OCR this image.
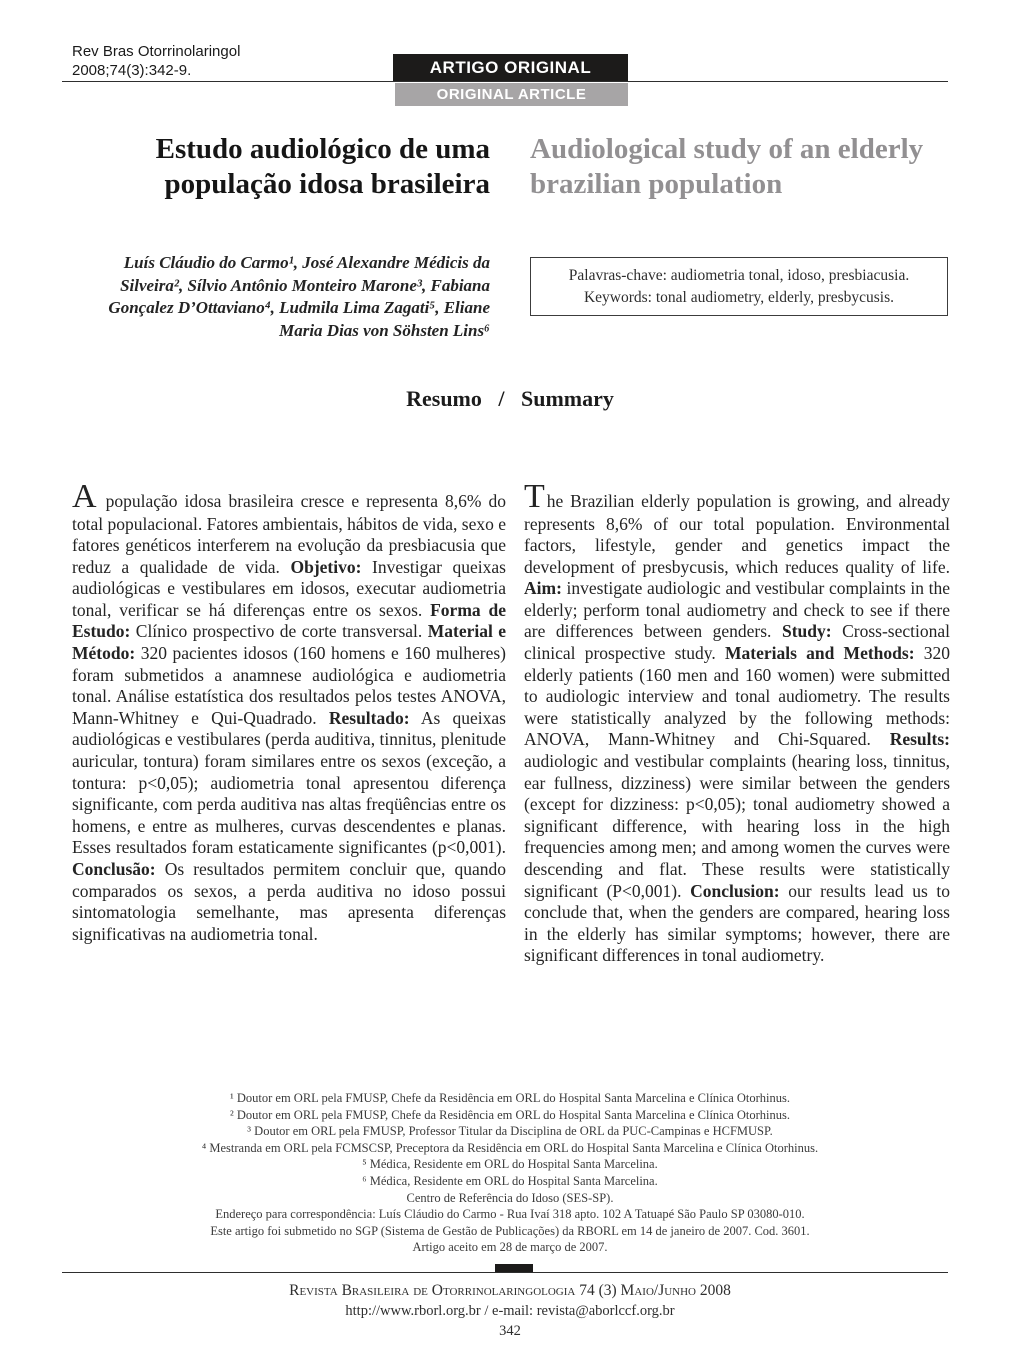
Rev Bras Otorrinolaringol
2008;74(3):342-9.	ARTIGO ORIGINAL
ORIGINAL ARTICLE
Estudo audiológico de uma população idosa brasileira
Audiological study of an elderly brazilian population
Luís Cláudio do Carmo¹, José Alexandre Médicis da Silveira², Sílvio Antônio Monteiro Marone³, Fabiana Gonçalez D’Ottaviano⁴, Ludmila Lima Zagati⁵, Eliane Maria Dias von Söhsten Lins⁶
Palavras-chave: audiometria tonal, idoso, presbiacusia.
Keywords: tonal audiometry, elderly, presbycusis.
Resumo / Summary

A população idosa brasileira cresce e representa 8,6% do total populacional. Fatores ambientais, hábitos de vida, sexo e fatores genéticos interferem na evolução da presbiacusia que reduz a qualidade de vida. Objetivo: Investigar queixas audiológicas e vestibulares em idosos, executar audiometria tonal, verificar se há diferenças entre os sexos. Forma de Estudo: Clínico prospectivo de corte transversal. Material e Método: 320 pacientes idosos (160 homens e 160 mulheres) foram submetidos a anamnese audiológica e audiometria tonal. Análise estatística dos resultados pelos testes ANOVA, Mann-Whitney e Qui-Quadrado. Resultado: As queixas audiológicas e vestibulares (perda auditiva, tinnitus, plenitude auricular, tontura) foram similares entre os sexos (exceção, a tontura: p<0,05); audiometria tonal apresentou diferença significante, com perda auditiva nas altas freqüências entre os homens, e entre as mulheres, curvas descendentes e planas. Esses resultados foram estaticamente significantes (p<0,001). Conclusão: Os resultados permitem concluir que, quando comparados os sexos, a perda auditiva no idoso possui sintomatologia semelhante, mas apresenta diferenças significativas na audiometria tonal.

The Brazilian elderly population is growing, and already represents 8,6% of our total population. Environmental factors, lifestyle, gender and genetics impact the development of presbycusis, which reduces quality of life. Aim: investigate audiologic and vestibular complaints in the elderly; perform tonal audiometry and check to see if there are differences between genders. Study: Cross-sectional clinical prospective study. Materials and Methods: 320 elderly patients (160 men and 160 women) were submitted to audiologic interview and tonal audiometry. The results were statistically analyzed by the following methods: ANOVA, Mann-Whitney and Chi-Squared. Results: audiologic and vestibular complaints (hearing loss, tinnitus, ear fullness, dizziness) were similar between the genders (except for dizziness: p<0,05); tonal audiometry showed a significant difference, with hearing loss in the high frequencies among men; and among women the curves were descending and flat. These results were statistically significant (P<0,001). Conclusion: our results lead us to conclude that, when the genders are compared, hearing loss in the elderly has similar symptoms; however, there are significant differences in tonal audiometry.

¹ Doutor em ORL pela FMUSP, Chefe da Residência em ORL do Hospital Santa Marcelina e Clínica Otorhinus.
² Doutor em ORL pela FMUSP, Chefe da Residência em ORL do Hospital Santa Marcelina e Clínica Otorhinus.
³ Doutor em ORL pela FMUSP, Professor Titular da Disciplina de ORL da PUC-Campinas e HCFMUSP.
⁴ Mestranda em ORL pela FCMSCSP, Preceptora da Residência em ORL do Hospital Santa Marcelina e Clínica Otorhinus.
⁵ Médica, Residente em ORL do Hospital Santa Marcelina.
⁶ Médica, Residente em ORL do Hospital Santa Marcelina.
Centro de Referência do Idoso (SES-SP).
Endereço para correspondência: Luís Cláudio do Carmo - Rua Ivaí 318 apto. 102 A Tatuapé São Paulo SP 03080-010.
Este artigo foi submetido no SGP (Sistema de Gestão de Publicações) da RBORL em 14 de janeiro de 2007. Cod. 3601.
Artigo aceito em 28 de março de 2007.
Revista Brasileira de Otorrinolaringologia 74 (3) Maio/Junho 2008
http://www.rborl.org.br / e-mail: revista@aborlccf.org.br
342
